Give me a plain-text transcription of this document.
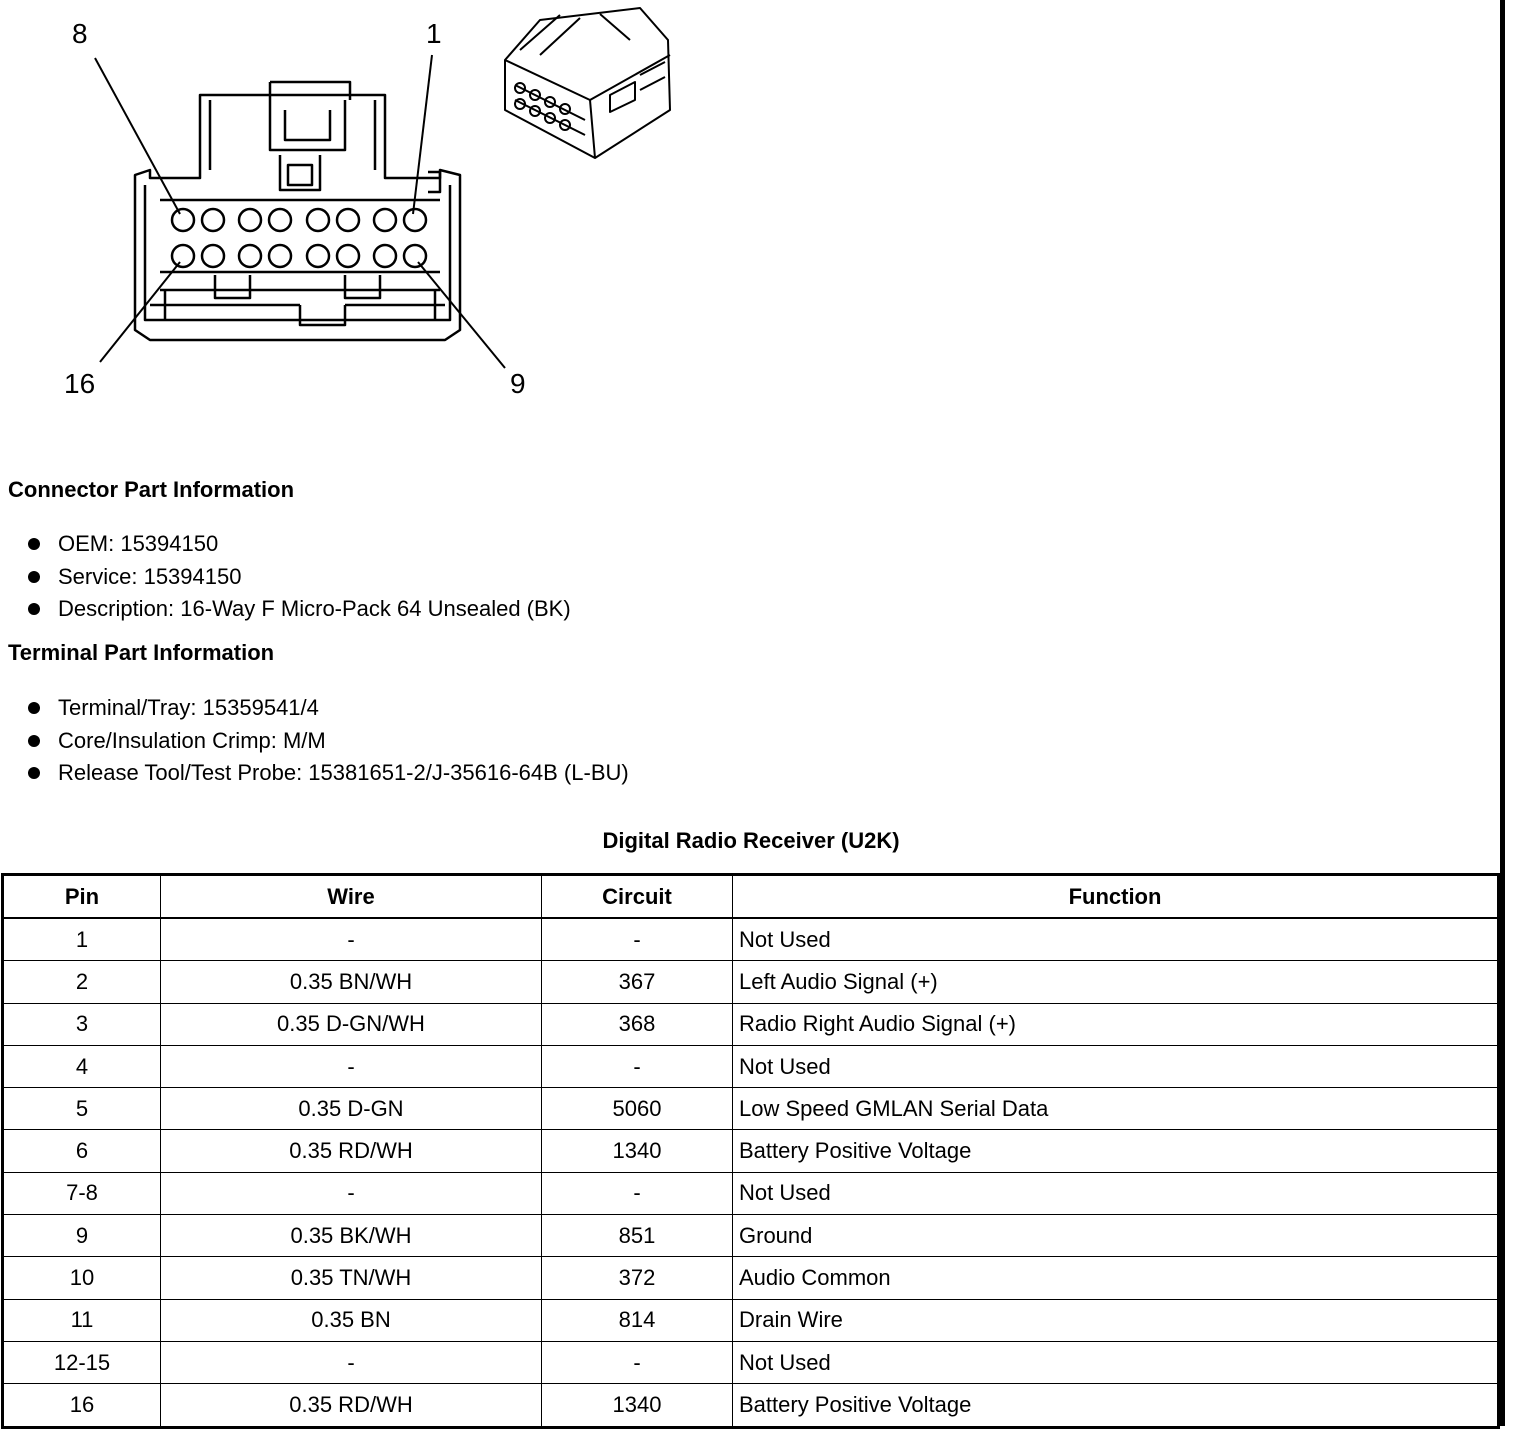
8	1
16	9
Connector Part Information
OEM: 15394150
Service: 15394150
Description: 16-Way F Micro-Pack 64 Unsealed (BK)
Terminal Part Information
Terminal/Tray: 15359541/4
Core/Insulation Crimp: M/M
Release Tool/Test Probe: 15381651-2/J-35616-64B (L-BU)
Digital Radio Receiver (U2K)
Pin	Wire	Circuit	Function
1	-	-	Not Used
2	0.35 BN/WH	367	Left Audio Signal (+)
3	0.35 D-GN/WH	368	Radio Right Audio Signal (+)
4	-	-	Not Used
5	0.35 D-GN	5060	Low Speed GMLAN Serial Data
6	0.35 RD/WH	1340	Battery Positive Voltage
7-8	-	-	Not Used
9	0.35 BK/WH	851	Ground
10	0.35 TN/WH	372	Audio Common
11	0.35 BN	814	Drain Wire
12-15	-	-	Not Used
16	0.35 RD/WH	1340	Battery Positive Voltage
